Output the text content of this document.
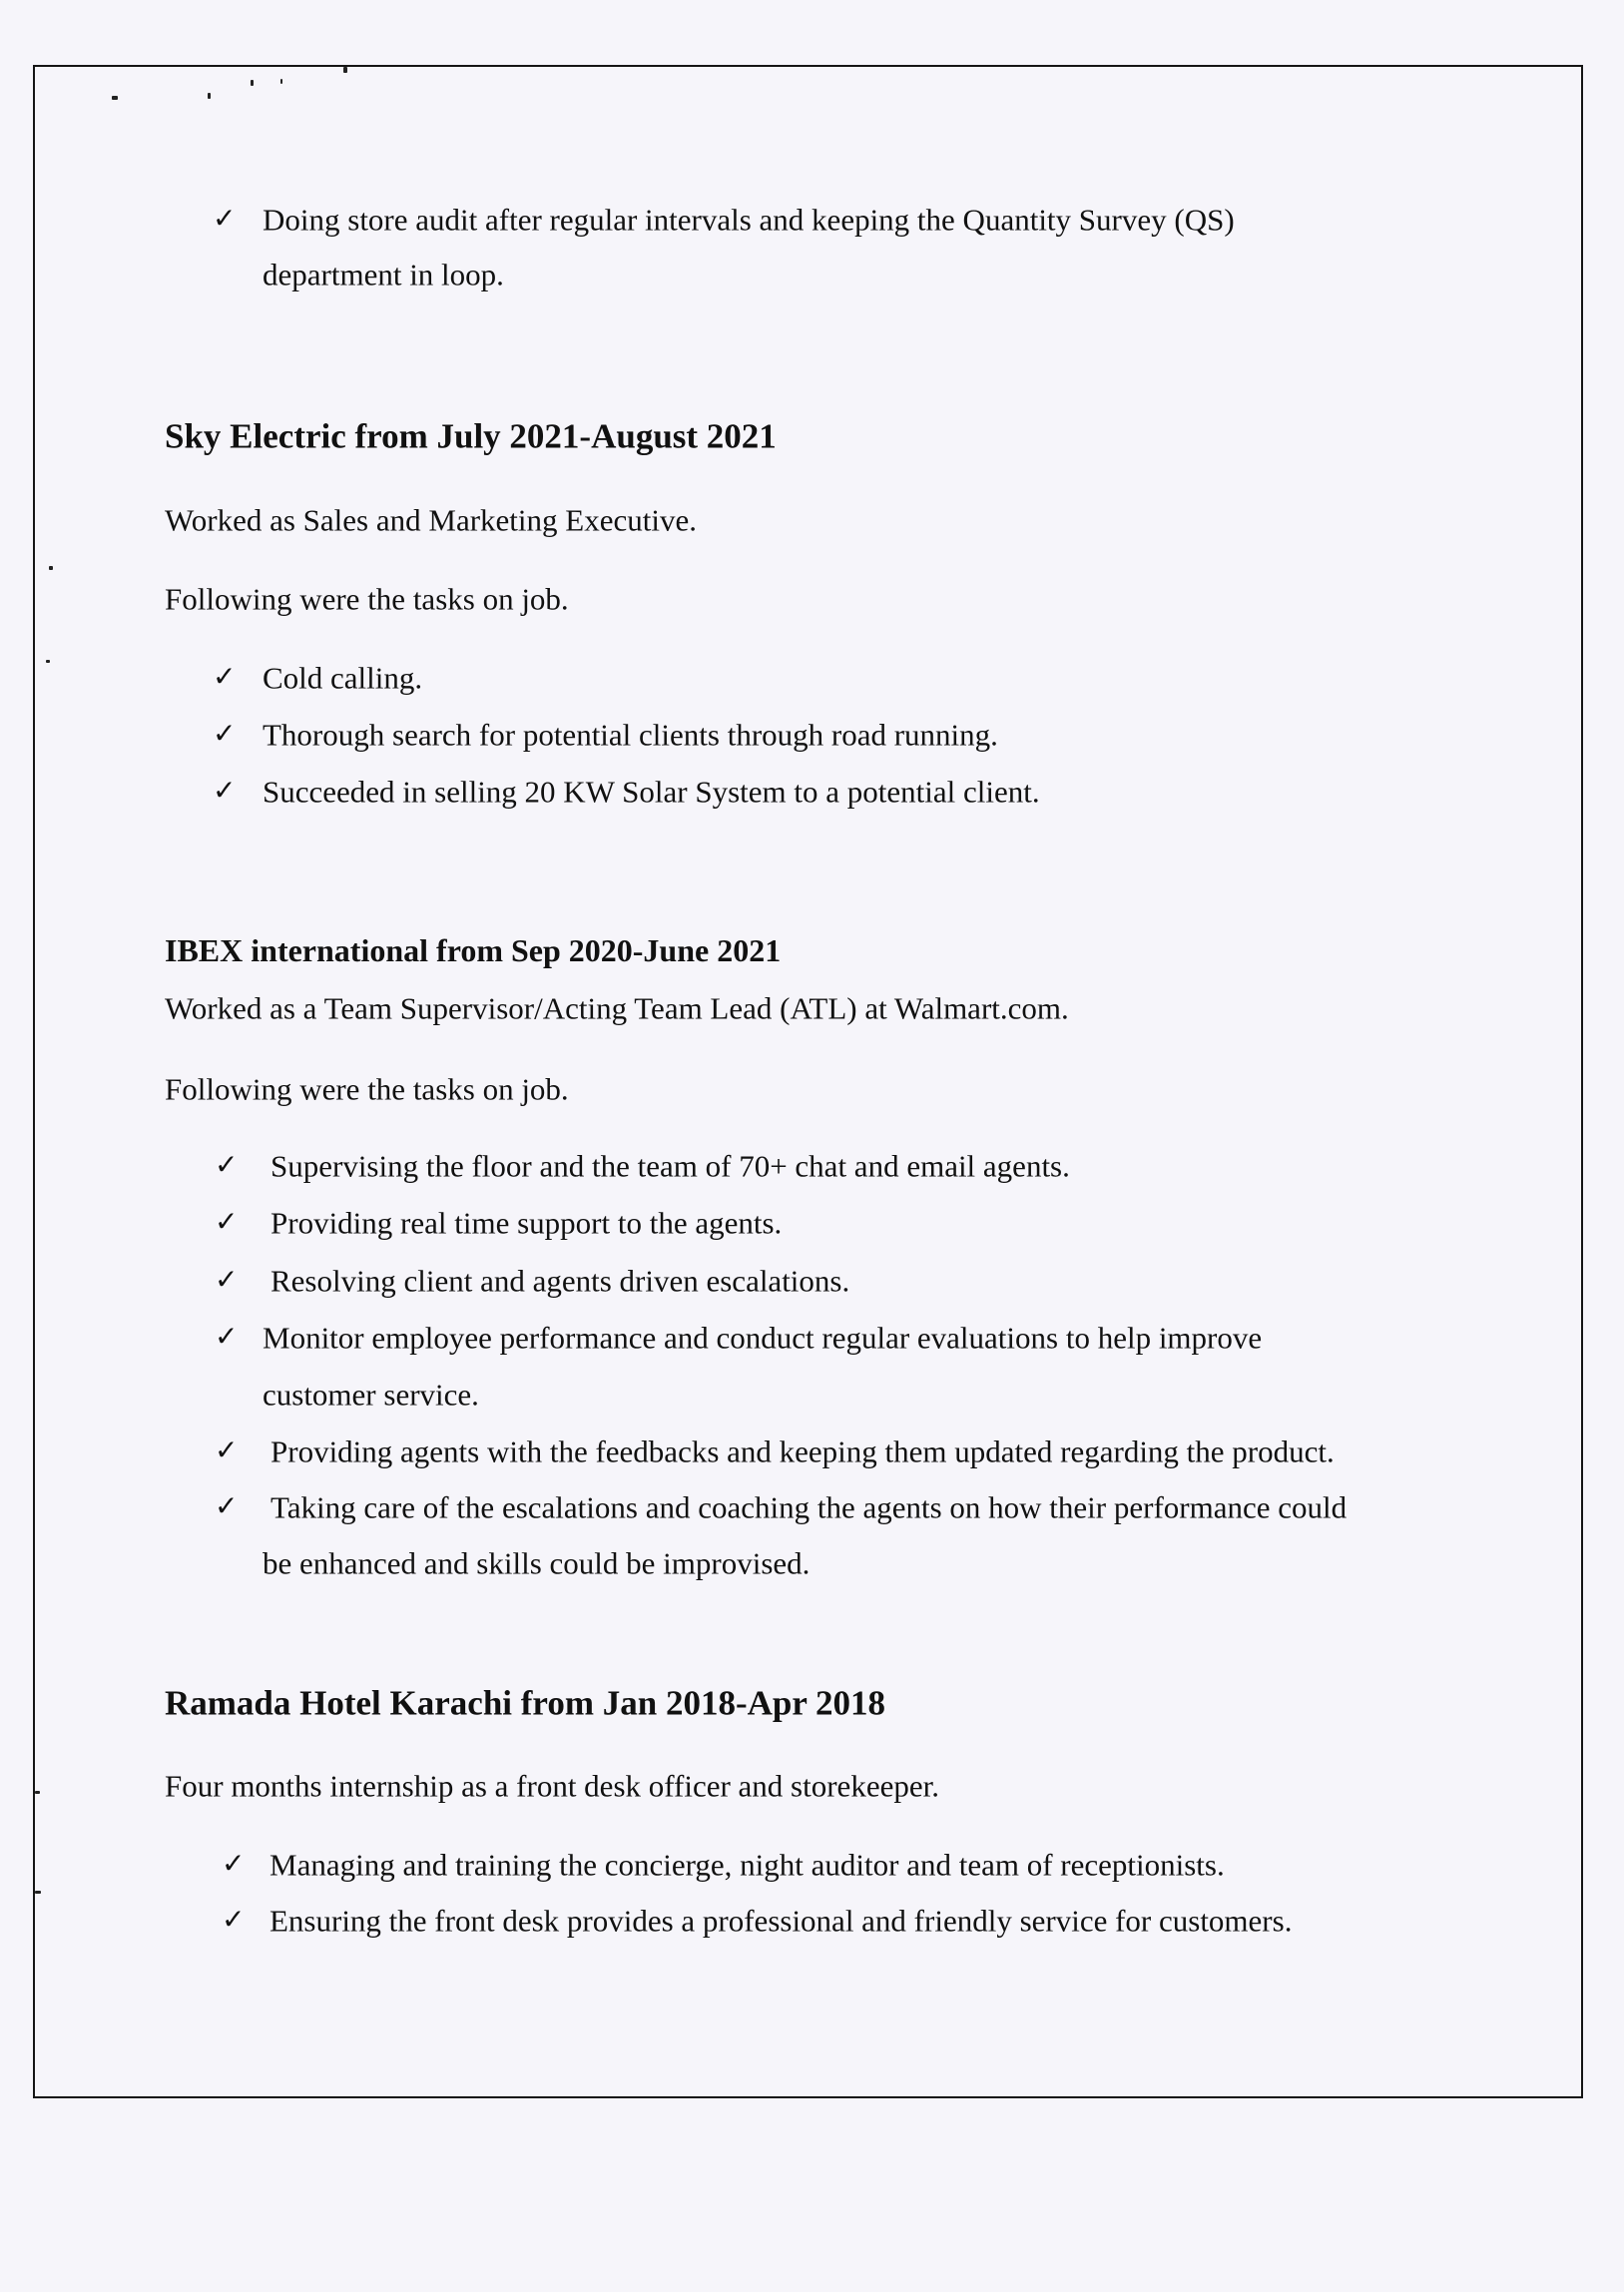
✓ Doing store audit after regular intervals and keeping the Quantity Survey (QS)
department in loop.
Sky Electric from July 2021-August 2021
Worked as Sales and Marketing Executive.
Following were the tasks on job.
✓ Cold calling.
✓ Thorough search for potential clients through road running.
✓ Succeeded in selling 20 KW Solar System to a potential client.
IBEX international from Sep 2020-June 2021
Worked as a Team Supervisor/Acting Team Lead (ATL) at Walmart.com.
Following were the tasks on job.
✓ Supervising the floor and the team of 70+ chat and email agents.
✓ Providing real time support to the agents.
✓ Resolving client and agents driven escalations.
✓ Monitor employee performance and conduct regular evaluations to help improve
customer service.
✓ Providing agents with the feedbacks and keeping them updated regarding the product.
✓ Taking care of the escalations and coaching the agents on how their performance could
be enhanced and skills could be improvised.
Ramada Hotel Karachi from Jan 2018-Apr 2018
Four months internship as a front desk officer and storekeeper.
✓ Managing and training the concierge, night auditor and team of receptionists.
✓ Ensuring the front desk provides a professional and friendly service for customers.
